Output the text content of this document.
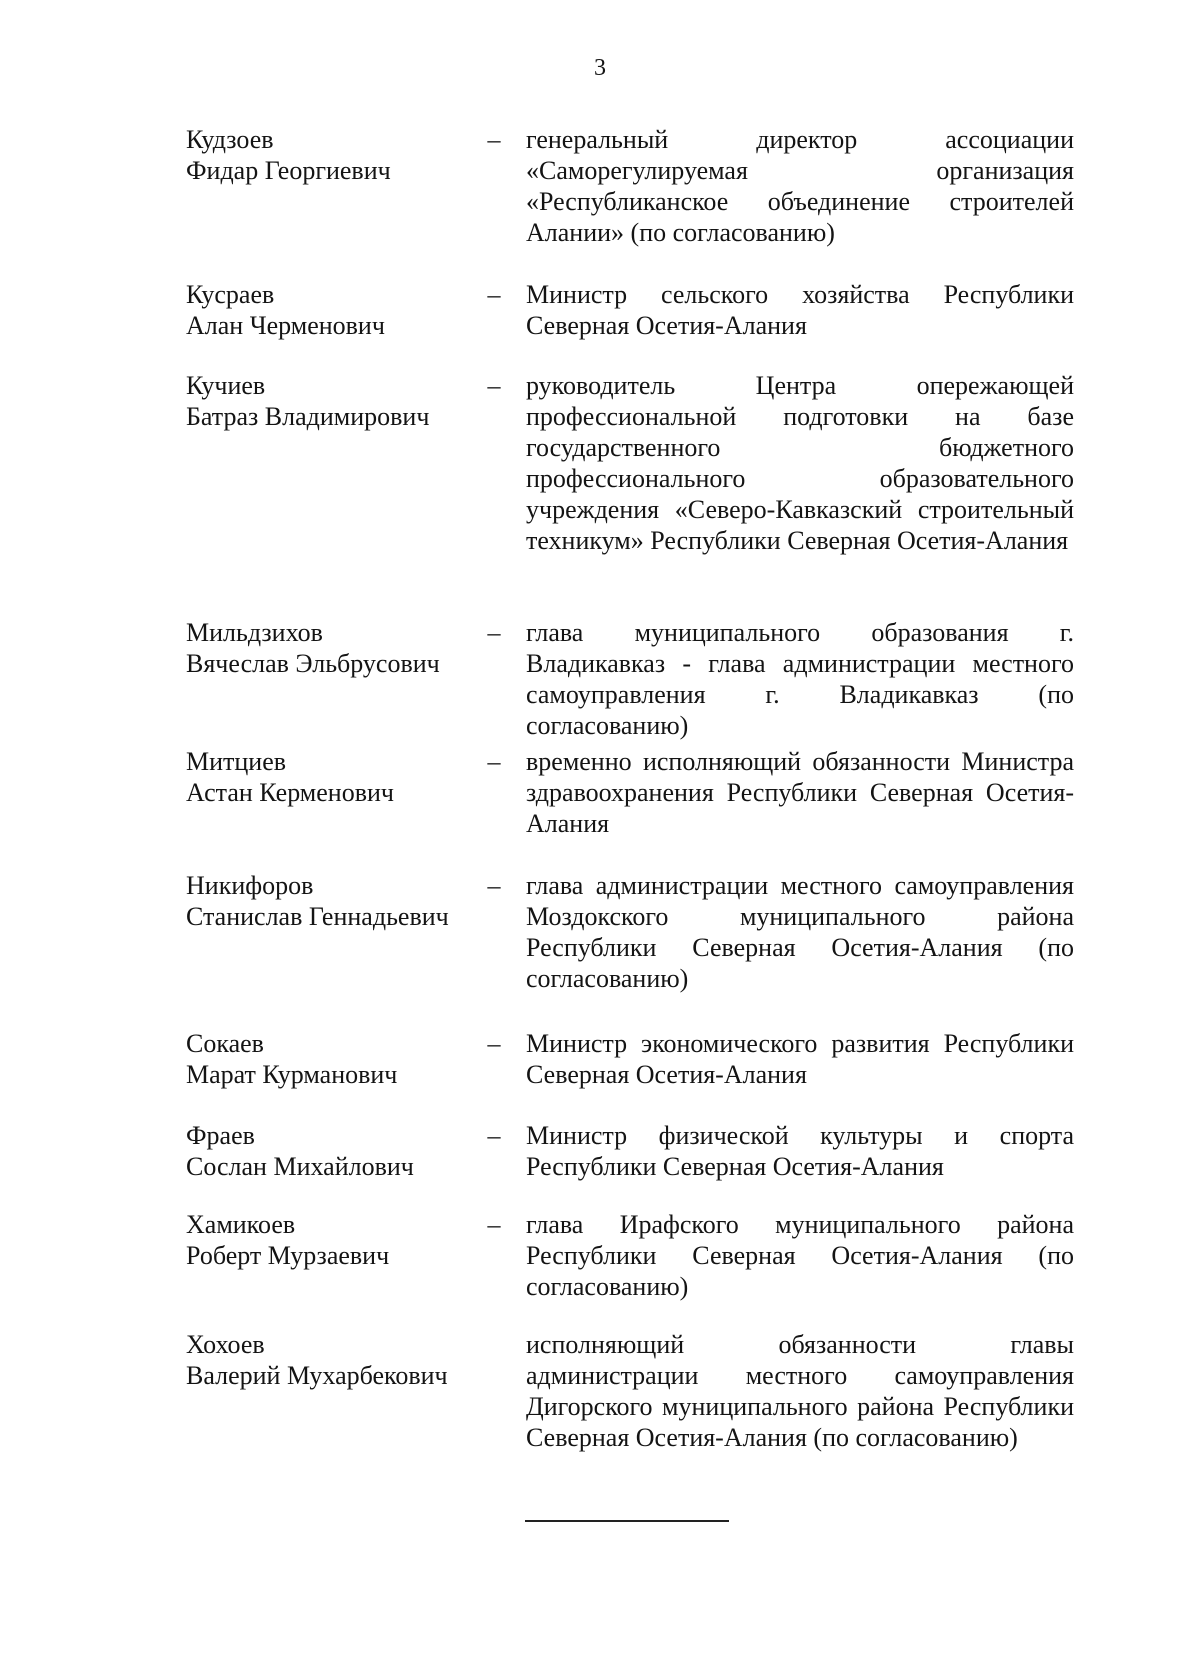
3
Кудзоев
Фидар Георгиевич
– генеральный директор ассоциации «Саморегулируемая организация «Республиканское объединение строителей Алании» (по согласованию)
Кусраев
Алан Черменович
– Министр сельского хозяйства Республики Северная Осетия-Алания
Кучиев
Батраз Владимирович
– руководитель Центра опережающей профессиональной подготовки на базе государственного бюджетного профессионального образовательного учреждения «Северо-Кавказский строительный техникум» Республики Северная Осетия-Алания
Мильдзихов
Вячеслав Эльбрусович
– глава муниципального образования г. Владикавказ - глава администрации местного самоуправления г. Владикавказ (по согласованию)
Митциев
Астан Керменович
– временно исполняющий обязанности Министра здравоохранения Республики Северная Осетия-Алания
Никифоров
Станислав Геннадьевич
– глава администрации местного самоуправления Моздокского муниципального района Республики Северная Осетия-Алания (по согласованию)
Сокаев
Марат Курманович
– Министр экономического развития Республики Северная Осетия-Алания
Фраев
Сослан Михайлович
– Министр физической культуры и спорта Республики Северная Осетия-Алания
Хамикоев
Роберт Мурзаевич
– глава Ирафского муниципального района Республики Северная Осетия-Алания (по согласованию)
Хохоев
Валерий Мухарбекович
исполняющий обязанности главы администрации местного самоуправления Дигорского муниципального района Республики Северная Осетия-Алания (по согласованию)
